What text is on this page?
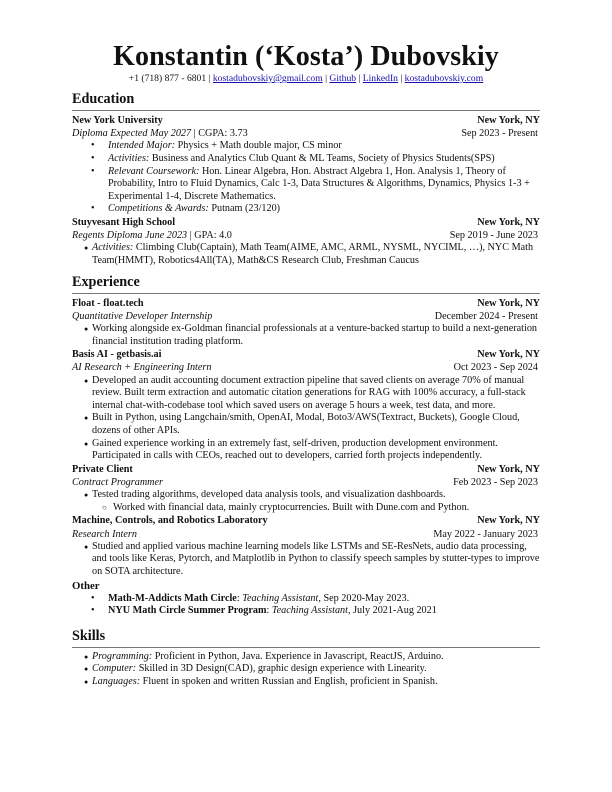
Konstantin (‘Kosta’) Dubovskiy
+1 (718) 877 - 6801 | kostadubovskiy@gmail.com | Github | LinkedIn | kostadubovskiy.com
Education
New York University	New York, NY
Diploma Expected May 2027 | CGPA: 3.73	Sep 2023 - Present
• Intended Major: Physics + Math double major, CS minor
• Activities: Business and Analytics Club Quant & ML Teams, Society of Physics Students(SPS)
• Relevant Coursework: Hon. Linear Algebra, Hon. Abstract Algebra 1, Hon. Analysis 1, Theory of Probability, Intro to Fluid Dynamics, Calc 1-3, Data Structures & Algorithms, Dynamics, Physics 1-3 + Experimental 1-4, Discrete Mathematics.
• Competitions & Awards: Putnam (23/120)
Stuyvesant High School	New York, NY
Regents Diploma June 2023 | GPA: 4.0	Sep 2019 - June 2023
● Activities: Climbing Club(Captain), Math Team(AIME, AMC, ARML, NYSML, NYCIML, …), NYC Math Team(HMMT), Robotics4All(TA), Math&CS Research Club, Freshman Caucus
Experience
Float - float.tech	New York, NY
Quantitative Developer Internship	December 2024 - Present
● Working alongside ex-Goldman financial professionals at a venture-backed startup to build a next-generation financial institution trading platform.
Basis AI - getbasis.ai	New York, NY
AI Research + Engineering Intern	Oct 2023 - Sep 2024
● Developed an audit accounting document extraction pipeline that saved clients on average 70% of manual review. Built term extraction and automatic citation generations for RAG with 100% accuracy, a full-stack internal chat-with-codebase tool which saved users on average 5 hours a week, test data, and more.
● Built in Python, using Langchain/smith, OpenAI, Modal, Boto3/AWS(Textract, Buckets), Google Cloud, dozens of other APIs.
● Gained experience working in an extremely fast, self-driven, production development environment. Participated in calls with CEOs, reached out to developers, carried forth projects independently.
Private Client	New York, NY
Contract Programmer	Feb 2023 - Sep 2023
● Tested trading algorithms, developed data analysis tools, and visualization dashboards.
○ Worked with financial data, mainly cryptocurrencies. Built with Dune.com and Python.
Machine, Controls, and Robotics Laboratory	New York, NY
Research Intern	May 2022 - January 2023
● Studied and applied various machine learning models like LSTMs and SE-ResNets, audio data processing, and tools like Keras, Pytorch, and Matplotlib in Python to classify speech samples by stutter-types to improve on SOTA architecture.
Other
• Math-M-Addicts Math Circle: Teaching Assistant, Sep 2020-May 2023.
• NYU Math Circle Summer Program: Teaching Assistant, July 2021-Aug 2021
Skills
● Programming: Proficient in Python, Java. Experience in Javascript, ReactJS, Arduino.
● Computer: Skilled in 3D Design(CAD), graphic design experience with Linearity.
● Languages: Fluent in spoken and written Russian and English, proficient in Spanish.
